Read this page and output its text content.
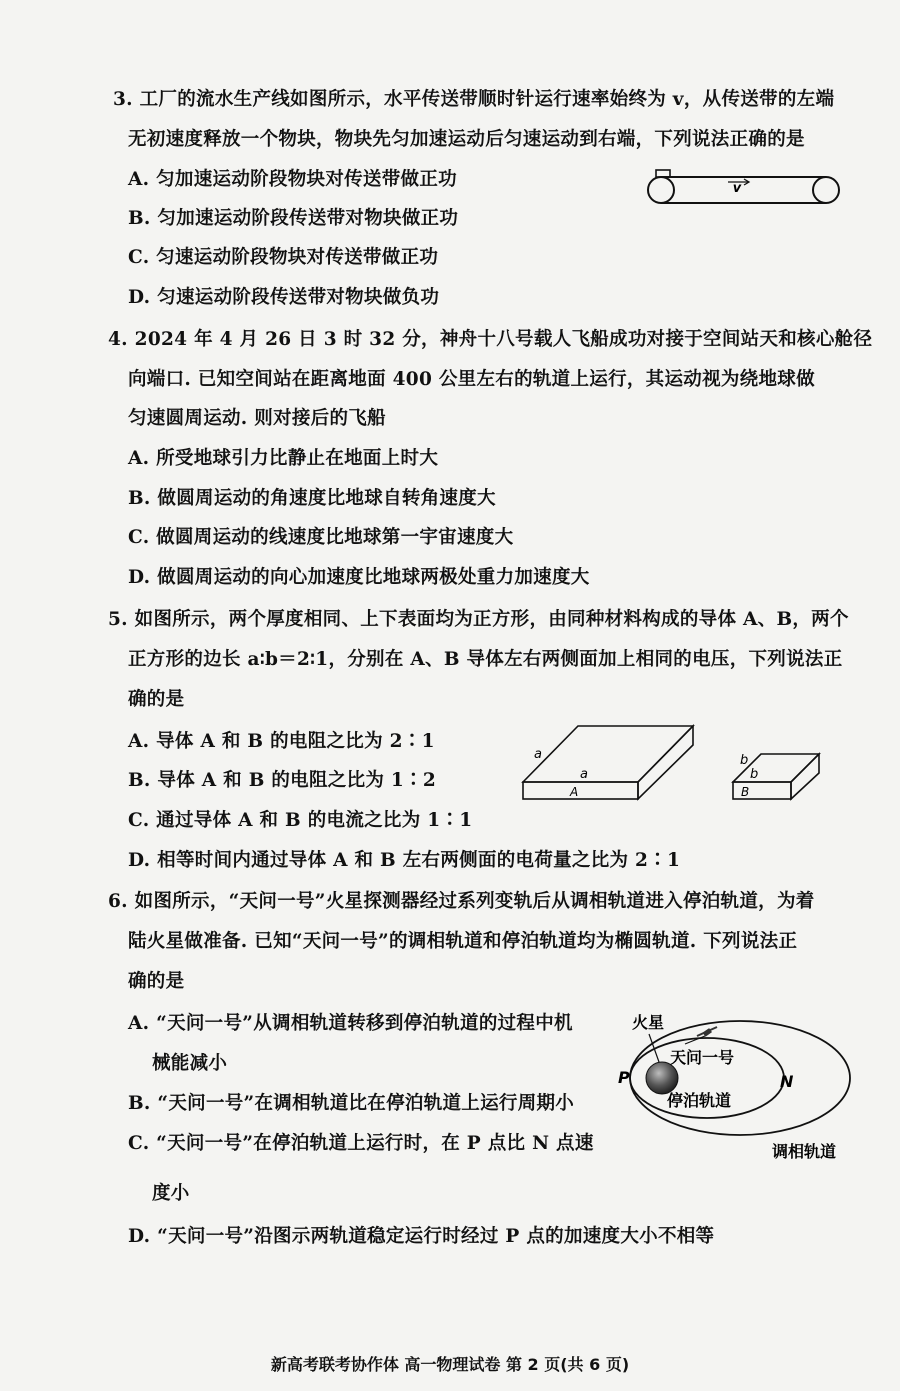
3. 工厂的流水生产线如图所示，水平传送带顺时针运行速率始终为 v，从传送带的左端
无初速度释放一个物块，物块先匀加速运动后匀速运动到右端，下列说法正确的是
A. 匀加速运动阶段物块对传送带做正功
B. 匀加速运动阶段传送带对物块做正功
C. 匀速运动阶段物块对传送带做正功
D. 匀速运动阶段传送带对物块做负功
v
4. 2024 年 4 月 26 日 3 时 32 分，神舟十八号载人飞船成功对接于空间站天和核心舱径
向端口. 已知空间站在距离地面 400 公里左右的轨道上运行，其运动视为绕地球做
匀速圆周运动. 则对接后的飞船
A. 所受地球引力比静止在地面上时大
B. 做圆周运动的角速度比地球自转角速度大
C. 做圆周运动的线速度比地球第一宇宙速度大
D. 做圆周运动的向心加速度比地球两极处重力加速度大
5. 如图所示，两个厚度相同、上下表面均为正方形，由同种材料构成的导体 A、B，两个
正方形的边长 a∶b＝2∶1，分别在 A、B 导体左右两侧面加上相同的电压，下列说法正
确的是
A. 导体 A 和 B 的电阻之比为 2∶1
B. 导体 A 和 B 的电阻之比为 1∶2
C. 通过导体 A 和 B 的电流之比为 1∶1
D. 相等时间内通过导体 A 和 B 左右两侧面的电荷量之比为 2∶1
a
a
A
b
b
B
6. 如图所示，“天问一号”火星探测器经过系列变轨后从调相轨道进入停泊轨道，为着
陆火星做准备. 已知“天问一号”的调相轨道和停泊轨道均为椭圆轨道. 下列说法正
确的是
A. “天问一号”从调相轨道转移到停泊轨道的过程中机
械能减小
B. “天问一号”在调相轨道比在停泊轨道上运行周期小
C. “天问一号”在停泊轨道上运行时，在 P 点比 N 点速
度小
D. “天问一号”沿图示两轨道稳定运行时经过 P 点的加速度大小不相等
火星
天问一号
P	N
停泊轨道
调相轨道
新高考联考协作体 高一物理试卷 第 2 页(共 6 页)
